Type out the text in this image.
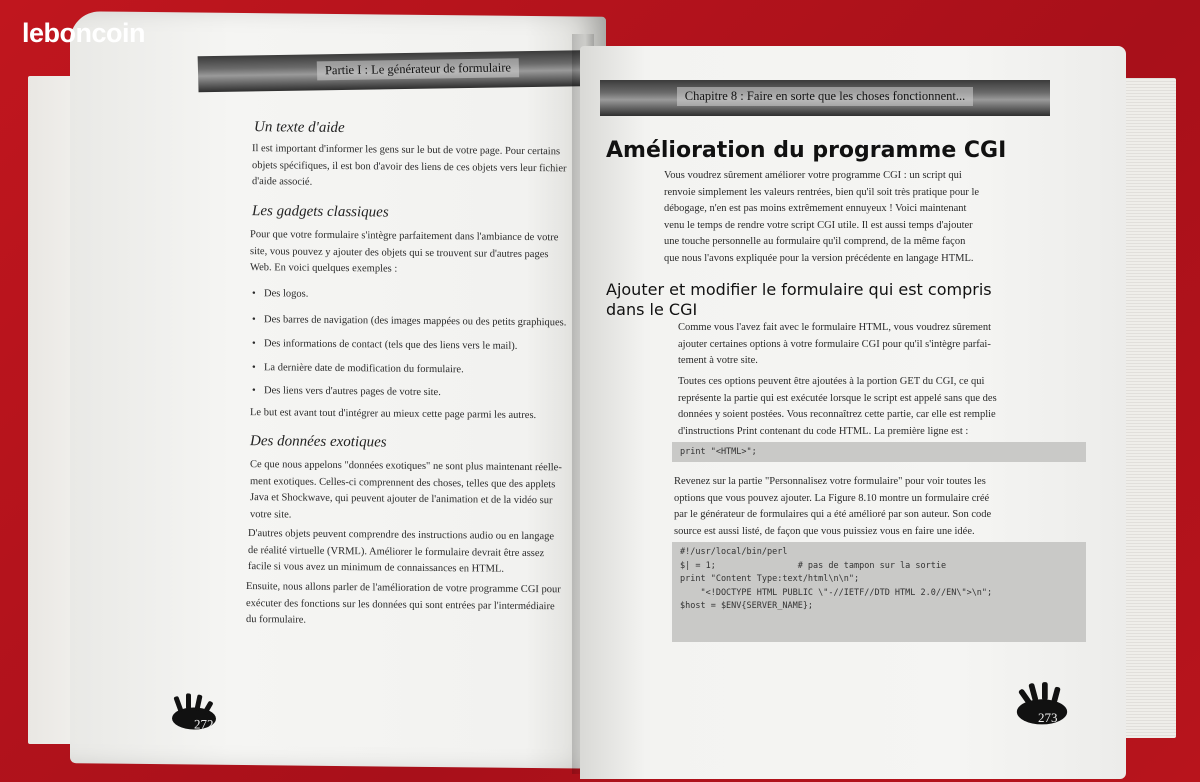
leboncoin
Partie I : Le générateur de formulaire
Un texte d'aide
Il est important d'informer les gens sur le but de votre page. Pour certains
objets spécifiques, il est bon d'avoir des liens de ces objets vers leur fichier
d'aide associé.
Les gadgets classiques
Pour que votre formulaire s'intègre parfaitement dans l'ambiance de votre
site, vous pouvez y ajouter des objets qui se trouvent sur d'autres pages
Web. En voici quelques exemples :
• Des logos.
• Des barres de navigation (des images mappées ou des petits graphiques.
• Des informations de contact (tels que des liens vers le mail).
• La dernière date de modification du formulaire.
• Des liens vers d'autres pages de votre site.
Le but est avant tout d'intégrer au mieux cette page parmi les autres.
Des données exotiques
Ce que nous appelons "données exotiques" ne sont plus maintenant réelle-
ment exotiques. Celles-ci comprennent des choses, telles que des applets
Java et Shockwave, qui peuvent ajouter de l'animation et de la vidéo sur
votre site.
D'autres objets peuvent comprendre des instructions audio ou en langage
de réalité virtuelle (VRML). Améliorer le formulaire devrait être assez
facile si vous avez un minimum de connaissances en HTML.
Ensuite, nous allons parler de l'amélioration de votre programme CGI pour
exécuter des fonctions sur les données qui sont entrées par l'intermédiaire
du formulaire.
272
Chapitre 8 : Faire en sorte que les choses fonctionnent...
Amélioration du programme CGI
Vous voudrez sûrement améliorer votre programme CGI : un script qui
renvoie simplement les valeurs rentrées, bien qu'il soit très pratique pour le
débogage, n'en est pas moins extrêmement ennuyeux ! Voici maintenant
venu le temps de rendre votre script CGI utile. Il est aussi temps d'ajouter
une touche personnelle au formulaire qu'il comprend, de la même façon
que nous l'avons expliquée pour la version précédente en langage HTML.
Ajouter et modifier le formulaire qui est compris
dans le CGI
Comme vous l'avez fait avec le formulaire HTML, vous voudrez sûrement
ajouter certaines options à votre formulaire CGI pour qu'il s'intègre parfai-
tement à votre site.
Toutes ces options peuvent être ajoutées à la portion GET du CGI, ce qui
représente la partie qui est exécutée lorsque le script est appelé sans que des
données y soient postées. Vous reconnaîtrez cette partie, car elle est remplie
d'instructions Print contenant du code HTML. La première ligne est :
print "<HTML>";
Revenez sur la partie "Personnalisez votre formulaire" pour voir toutes les
options que vous pouvez ajouter. La Figure 8.10 montre un formulaire créé
par le générateur de formulaires qui a été amélioré par son auteur. Son code
source est aussi listé, de façon que vous puissiez vous en faire une idée.
#!/usr/local/bin/perl
$| = 1;                # pas de tampon sur la sortie
print "Content Type:text/html\n\n";
"<!DOCTYPE HTML PUBLIC \"-//IETF//DTD HTML 2.0//EN\">\n";
$host = $ENV{SERVER_NAME};
273
